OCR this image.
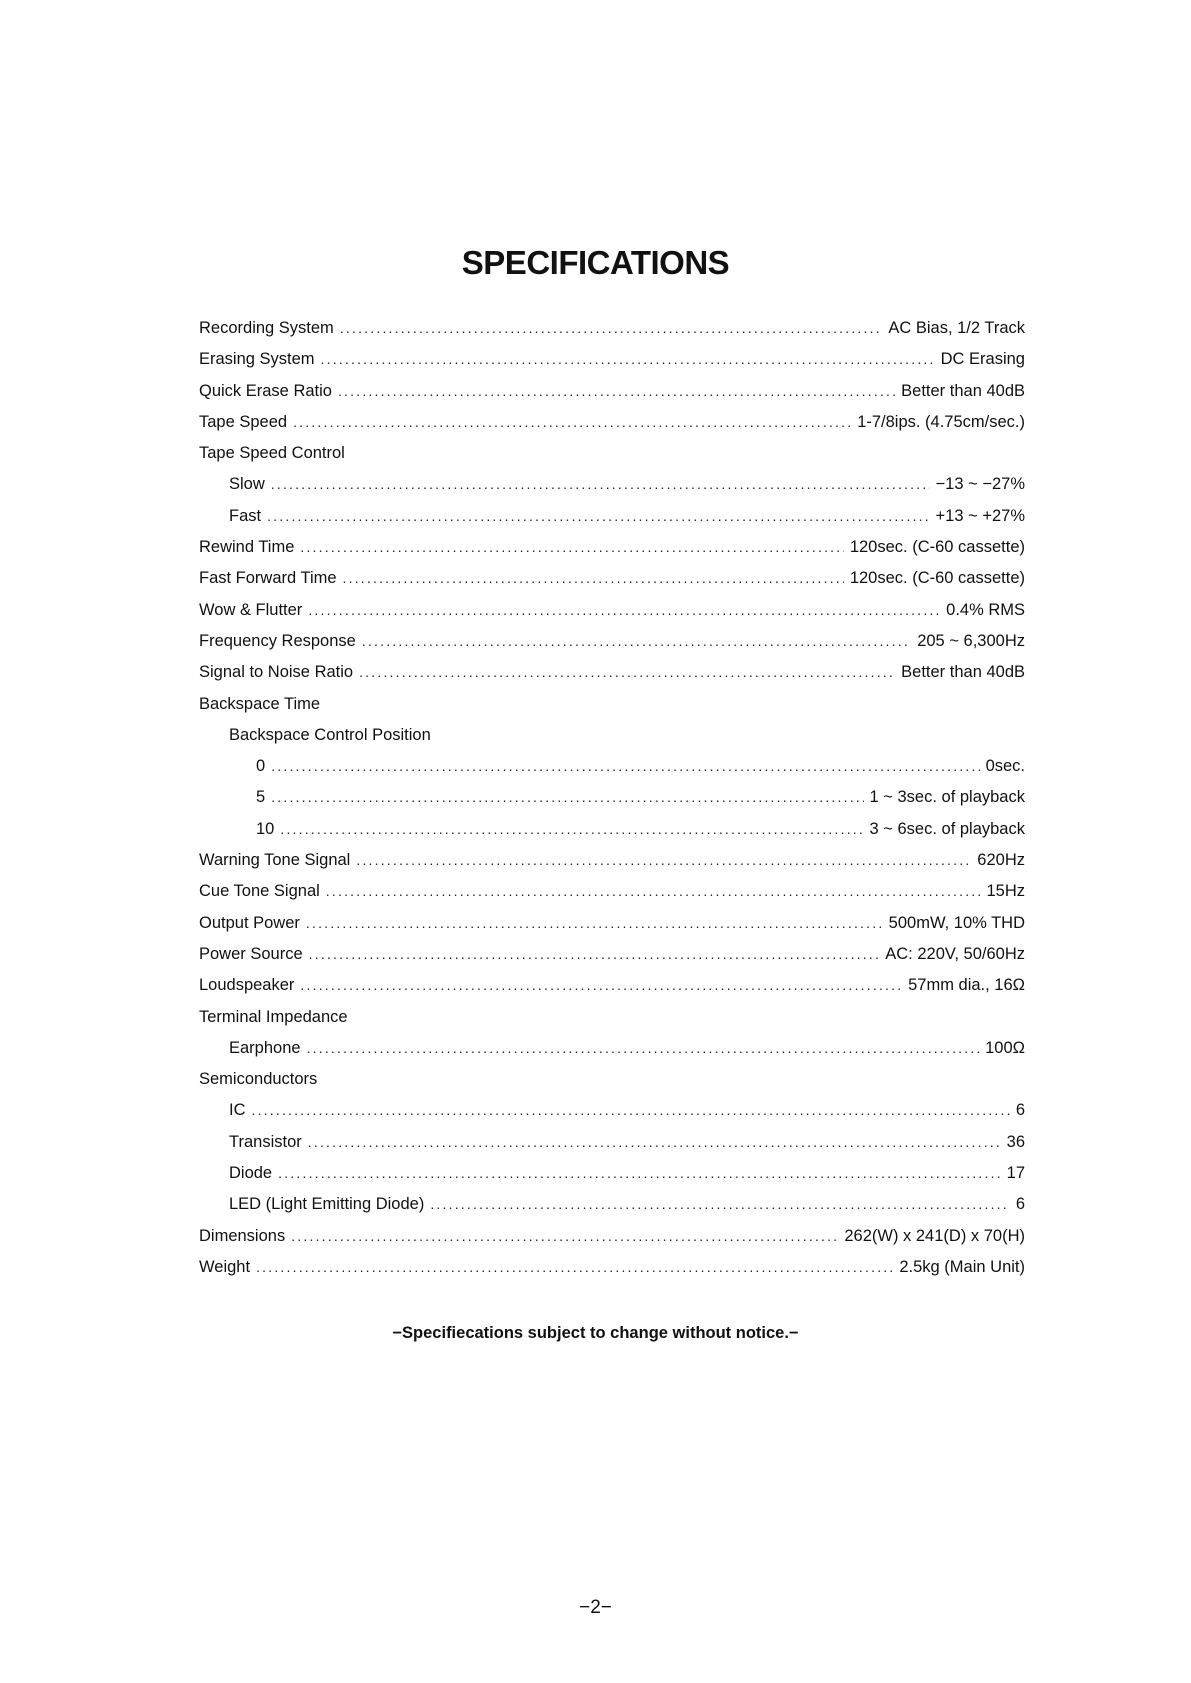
SPECIFICATIONS
Recording System .....	AC Bias, 1/2 Track
Erasing System .....	DC Erasing
Quick Erase Ratio .....	Better than 40dB
Tape Speed .....	1-7/8ips. (4.75cm/sec.)
Tape Speed Control
Slow .....	−13 ~ −27%
Fast .....	+13 ~ +27%
Rewind Time .....	120sec. (C-60 cassette)
Fast Forward Time .....	120sec. (C-60 cassette)
Wow & Flutter .....	0.4% RMS
Frequency Response .....	205 ~ 6,300Hz
Signal to Noise Ratio .....	Better than 40dB
Backspace Time
Backspace Control Position
0 .....	0sec.
5 .....	1 ~ 3sec. of playback
10 .....	3 ~ 6sec. of playback
Warning Tone Signal .....	620Hz
Cue Tone Signal .....	15Hz
Output Power .....	500mW, 10% THD
Power Source .....	AC: 220V, 50/60Hz
Loudspeaker .....	57mm dia., 16Ω
Terminal Impedance
Earphone .....	100Ω
Semiconductors
IC .....	6
Transistor .....	36
Diode .....	17
LED (Light Emitting Diode) .....	6
Dimensions .....	262(W) x 241(D) x 70(H)
Weight .....	2.5kg (Main Unit)
−Specifiecations subject to change without notice.−
−2−
